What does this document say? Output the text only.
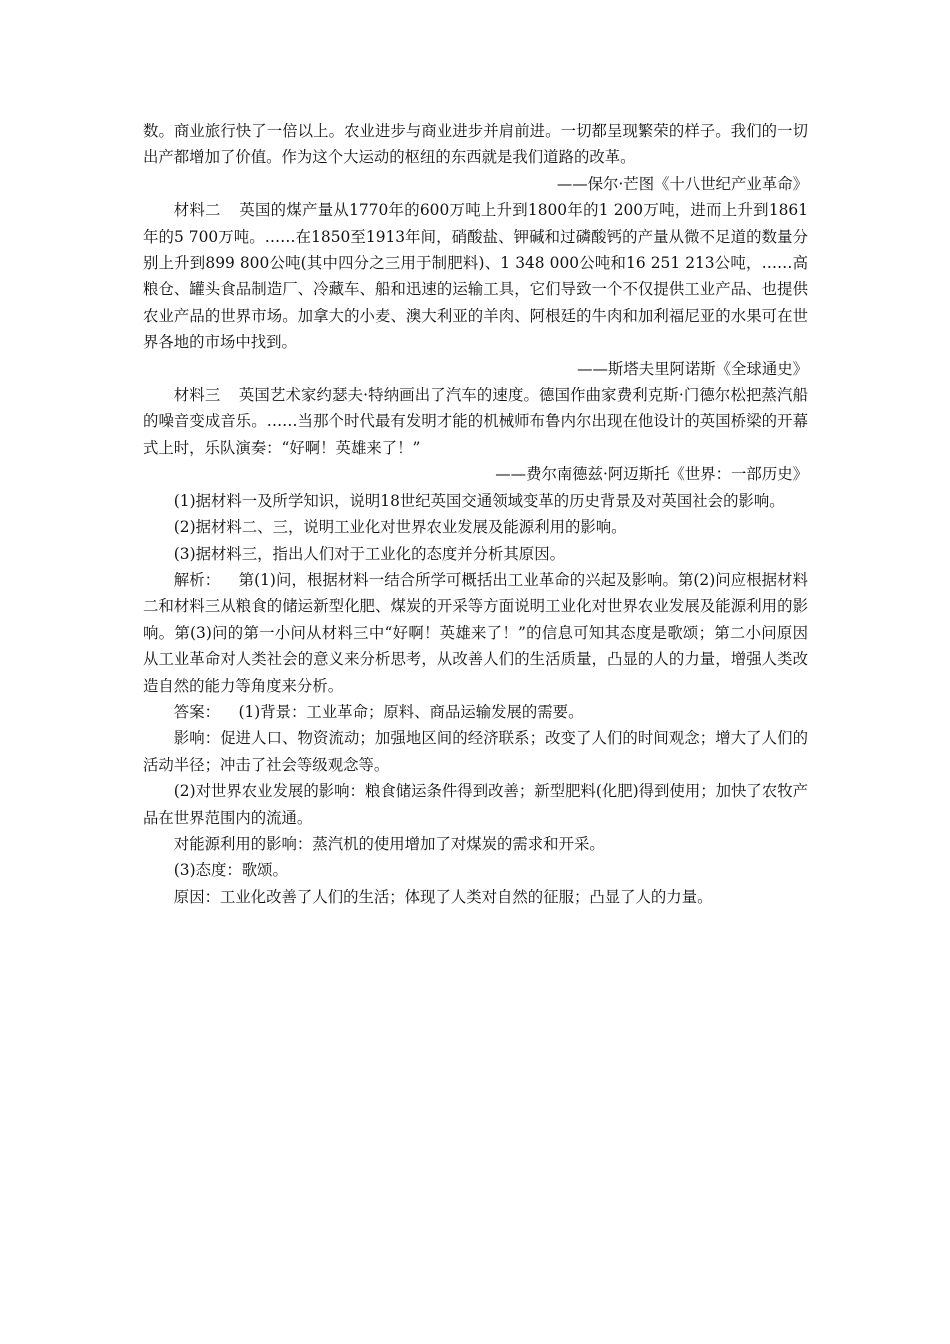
数。商业旅行快了一倍以上。农业进步与商业进步并肩前进。一切都呈现繁荣的样子。我们的一切出产都增加了价值。作为这个大运动的枢纽的东西就是我们道路的改革。

——保尔·芒图《十八世纪产业革命》

材料二 英国的煤产量从1770年的600万吨上升到1800年的1 200万吨，进而上升到1861年的5 700万吨。……在1850至1913年间，硝酸盐、钾碱和过磷酸钙的产量从微不足道的数量分别上升到899 800公吨(其中四分之三用于制肥料)、1 348 000公吨和16 251 213公吨，……高粮仓、罐头食品制造厂、冷藏车、船和迅速的运输工具，它们导致一个不仅提供工业产品、也提供农业产品的世界市场。加拿大的小麦、澳大利亚的羊肉、阿根廷的牛肉和加利福尼亚的水果可在世界各地的市场中找到。

——斯塔夫里阿诺斯《全球通史》

材料三 英国艺术家约瑟夫·特纳画出了汽车的速度。德国作曲家费利克斯·门德尔松把蒸汽船的噪音变成音乐。……当那个时代最有发明才能的机械师布鲁内尔出现在他设计的英国桥梁的开幕式上时，乐队演奏：“好啊！英雄来了！”

——费尔南德兹·阿迈斯托《世界：一部历史》

(1)据材料一及所学知识，说明18世纪英国交通领域变革的历史背景及对英国社会的影响。

(2)据材料二、三，说明工业化对世界农业发展及能源利用的影响。

(3)据材料三，指出人们对于工业化的态度并分析其原因。

解析： 第(1)问，根据材料一结合所学可概括出工业革命的兴起及影响。第(2)问应根据材料二和材料三从粮食的储运新型化肥、煤炭的开采等方面说明工业化对世界农业发展及能源利用的影响。第(3)问的第一小问从材料三中“好啊！英雄来了！”的信息可知其态度是歌颂；第二小问原因从工业革命对人类社会的意义来分析思考，从改善人们的生活质量，凸显的人的力量，增强人类改造自然的能力等角度来分析。

答案： (1)背景：工业革命；原料、商品运输发展的需要。

影响：促进人口、物资流动；加强地区间的经济联系；改变了人们的时间观念；增大了人们的活动半径；冲击了社会等级观念等。

(2)对世界农业发展的影响：粮食储运条件得到改善；新型肥料(化肥)得到使用；加快了农牧产品在世界范围内的流通。

对能源利用的影响：蒸汽机的使用增加了对煤炭的需求和开采。

(3)态度：歌颂。

原因：工业化改善了人们的生活；体现了人类对自然的征服；凸显了人的力量。
